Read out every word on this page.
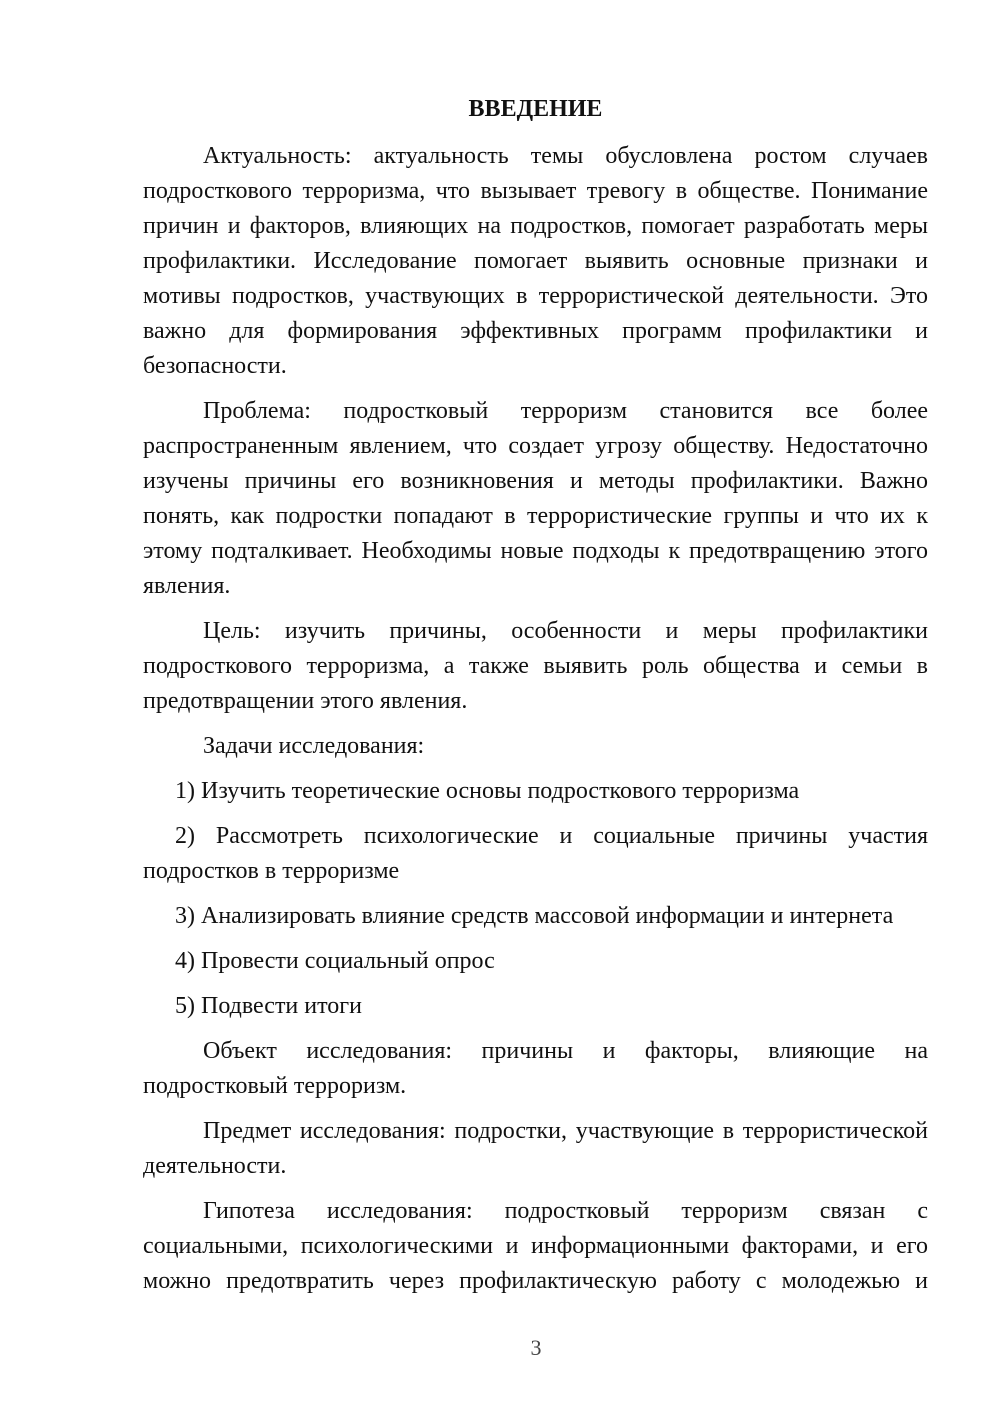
ВВЕДЕНИЕ

Актуальность: актуальность темы обусловлена ростом случаев подросткового терроризма, что вызывает тревогу в обществе. Понимание причин и факторов, влияющих на подростков, помогает разработать меры профилактики. Исследование помогает выявить основные признаки и мотивы подростков, участвующих в террористической деятельности. Это важно для формирования эффективных программ профилактики и безопасности.

Проблема: подростковый терроризм становится все более распространенным явлением, что создает угрозу обществу. Недостаточно изучены причины его возникновения и методы профилактики. Важно понять, как подростки попадают в террористические группы и что их к этому подталкивает. Необходимы новые подходы к предотвращению этого явления.

Цель: изучить причины, особенности и меры профилактики подросткового терроризма, а также выявить роль общества и семьи в предотвращении этого явления.

Задачи исследования:

1) Изучить теоретические основы подросткового терроризма

2) Рассмотреть психологические и социальные причины участия подростков в терроризме

3) Анализировать влияние средств массовой информации и интернета

4) Провести социальный опрос

5) Подвести итоги

Объект исследования: причины и факторы, влияющие на подростковый терроризм.

Предмет исследования: подростки, участвующие в террористической деятельности.

Гипотеза исследования: подростковый терроризм связан с социальными, психологическими и информационными факторами, и его можно предотвратить через профилактическую работу с молодежью и

3
